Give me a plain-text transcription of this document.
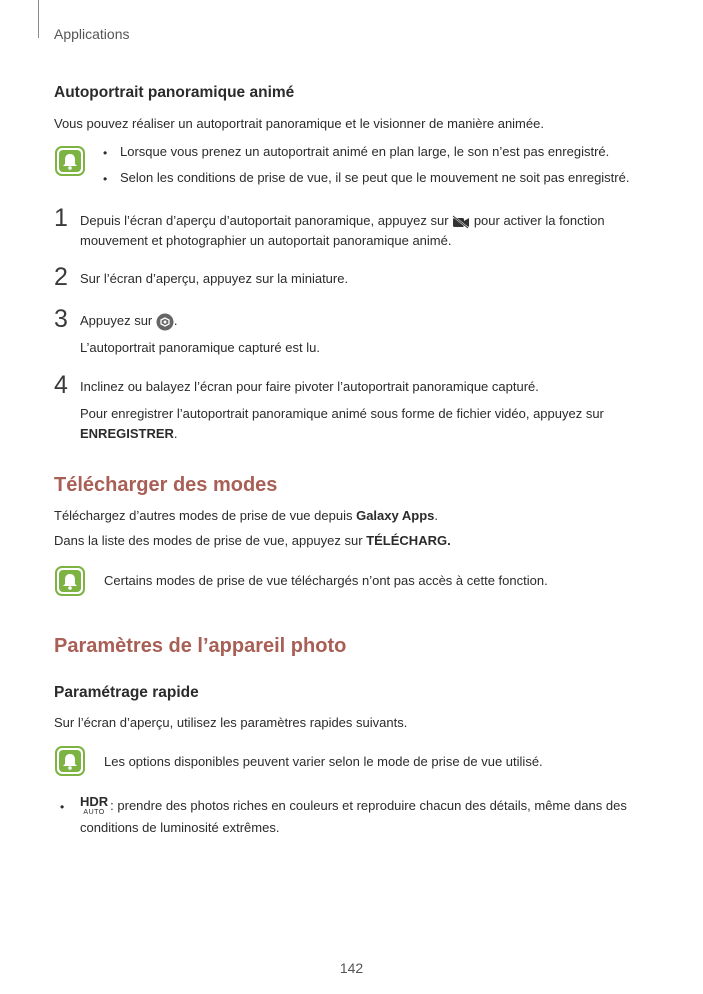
Applications
Autoportrait panoramique animé
Vous pouvez réaliser un autoportrait panoramique et le visionner de manière animée.
• Lorsque vous prenez un autoportrait animé en plan large, le son n’est pas enregistré.
• Selon les conditions de prise de vue, il se peut que le mouvement ne soit pas enregistré.
1 Depuis l’écran d’aperçu d’autoportait panoramique, appuyez sur pour activer la fonction
mouvement et photographier un autoportait panoramique animé.
2 Sur l’écran d’aperçu, appuyez sur la miniature.
3 Appuyez sur .
L’autoportrait panoramique capturé est lu.
4 Inclinez ou balayez l’écran pour faire pivoter l’autoportrait panoramique capturé.
Pour enregistrer l’autoportrait panoramique animé sous forme de fichier vidéo, appuyez sur
ENREGISTRER.
Télécharger des modes
Téléchargez d’autres modes de prise de vue depuis Galaxy Apps.
Dans la liste des modes de prise de vue, appuyez sur TÉLÉCHARG.
Certains modes de prise de vue téléchargés n’ont pas accès à cette fonction.
Paramètres de l’appareil photo
Paramétrage rapide
Sur l’écran d’aperçu, utilisez les paramètres rapides suivants.
Les options disponibles peuvent varier selon le mode de prise de vue utilisé.
• HDR
AUTO : prendre des photos riches en couleurs et reproduire chacun des détails, même dans des
conditions de luminosité extrêmes.
142
